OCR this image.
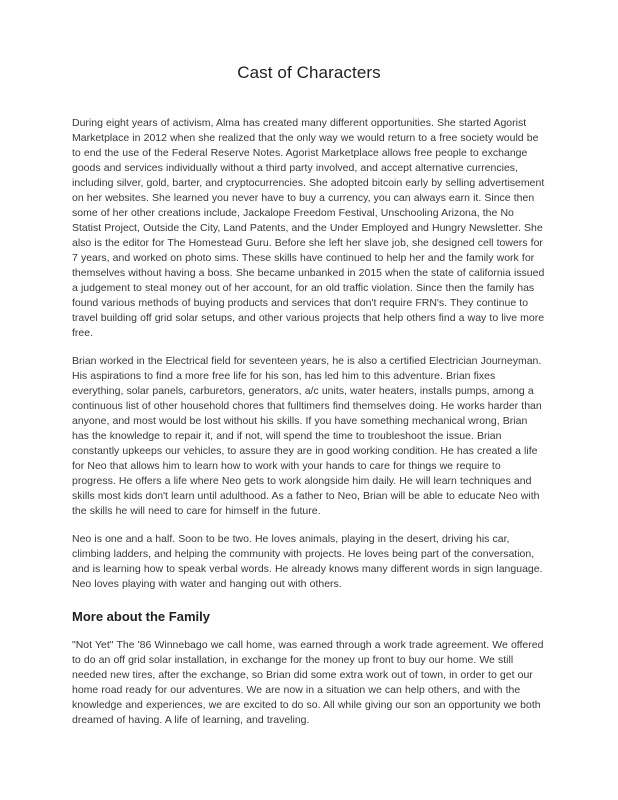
Cast of Characters

During eight years of activism, Alma has created many different opportunities. She started Agorist Marketplace in 2012 when she realized that the only way we would return to a free society would be to end the use of the Federal Reserve Notes. Agorist Marketplace allows free people to exchange goods and services individually without a third party involved, and accept alternative currencies, including silver, gold, barter, and cryptocurrencies. She adopted bitcoin early by selling advertisement on her websites. She learned you never have to buy a currency, you can always earn it. Since then some of her other creations include, Jackalope Freedom Festival, Unschooling Arizona, the No Statist Project, Outside the City, Land Patents, and the Under Employed and Hungry Newsletter. She also is the editor for The Homestead Guru. Before she left her slave job, she designed cell towers for 7 years, and worked on photo sims. These skills have continued to help her and the family work for themselves without having a boss. She became unbanked in 2015 when the state of california issued a judgement to steal money out of her account, for an old traffic violation. Since then the family has found various methods of buying products and services that don't require FRN's. They continue to travel building off grid solar setups, and other various projects that help others find a way to live more free.

Brian worked in the Electrical field for seventeen years, he is also a certified Electrician Journeyman. His aspirations to find a more free life for his son, has led him to this adventure. Brian fixes everything, solar panels, carburetors, generators, a/c units, water heaters, installs pumps, among a continuous list of other household chores that fulltimers find themselves doing. He works harder than anyone, and most would be lost without his skills. If you have something mechanical wrong, Brian has the knowledge to repair it, and if not, will spend the time to troubleshoot the issue. Brian constantly upkeeps our vehicles, to assure they are in good working condition. He has created a life for Neo that allows him to learn how to work with your hands to care for things we require to progress. He offers a life where Neo gets to work alongside him daily. He will learn techniques and skills most kids don't learn until adulthood. As a father to Neo, Brian will be able to educate Neo with the skills he will need to care for himself in the future.

Neo is one and a half. Soon to be two. He loves animals, playing in the desert, driving his car, climbing ladders, and helping the community with projects. He loves being part of the conversation, and is learning how to speak verbal words. He already knows many different words in sign language. Neo loves playing with water and hanging out with others.

More about the Family

"Not Yet" The '86 Winnebago we call home, was earned through a work trade agreement. We offered to do an off grid solar installation, in exchange for the money up front to buy our home. We still needed new tires, after the exchange, so Brian did some extra work out of town, in order to get our home road ready for our adventures. We are now in a situation we can help others, and with the knowledge and experiences, we are excited to do so. All while giving our son an opportunity we both dreamed of having. A life of learning, and traveling.
